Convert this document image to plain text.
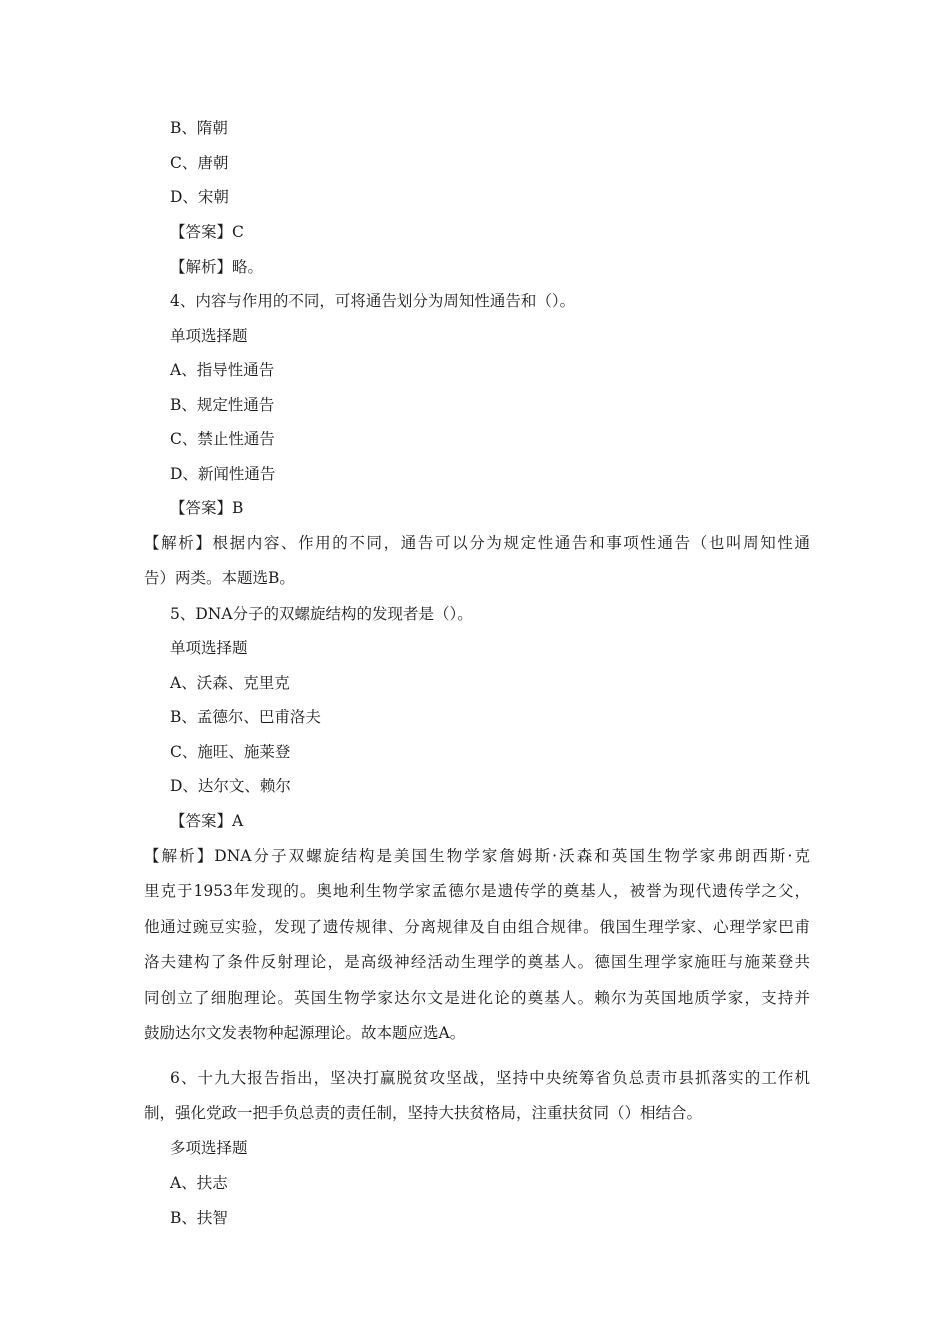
B、隋朝
C、唐朝
D、宋朝
【答案】C
【解析】略。
4、内容与作用的不同，可将通告划分为周知性通告和（）。
单项选择题
A、指导性通告
B、规定性通告
C、禁止性通告
D、新闻性通告
【答案】B
【解析】根据内容、作用的不同，通告可以分为规定性通告和事项性通告（也叫周知性通
告）两类。本题选B。
5、DNA分子的双螺旋结构的发现者是（）。
单项选择题
A、沃森、克里克
B、孟德尔、巴甫洛夫
C、施旺、施莱登
D、达尔文、赖尔
【答案】A
【解析】DNA分子双螺旋结构是美国生物学家詹姆斯·沃森和英国生物学家弗朗西斯·克
里克于1953年发现的。奥地利生物学家孟德尔是遗传学的奠基人，被誉为现代遗传学之父，
他通过豌豆实验，发现了遗传规律、分离规律及自由组合规律。俄国生理学家、心理学家巴甫
洛夫建构了条件反射理论，是高级神经活动生理学的奠基人。德国生理学家施旺与施莱登共
同创立了细胞理论。英国生物学家达尔文是进化论的奠基人。赖尔为英国地质学家，支持并
鼓励达尔文发表物种起源理论。故本题应选A。
6、十九大报告指出，坚决打赢脱贫攻坚战，坚持中央统筹省负总责市县抓落实的工作机
制，强化党政一把手负总责的责任制，坚持大扶贫格局，注重扶贫同（）相结合。
多项选择题
A、扶志
B、扶智
